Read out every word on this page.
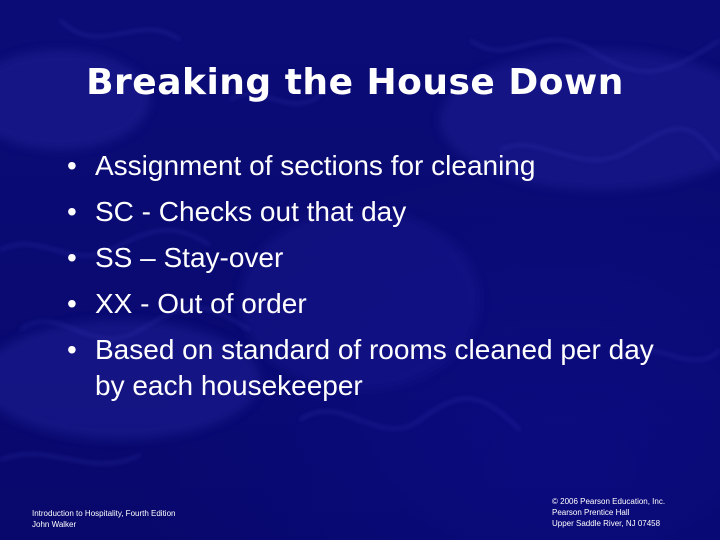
Breaking the House Down
• Assignment of sections for cleaning
• SC - Checks out that day
• SS – Stay-over
• XX - Out of order
• Based on standard of rooms cleaned per day by each housekeeper
Introduction to Hospitality, Fourth Edition
John Walker
© 2006 Pearson Education, Inc.
Pearson Prentice Hall
Upper Saddle River, NJ 07458
